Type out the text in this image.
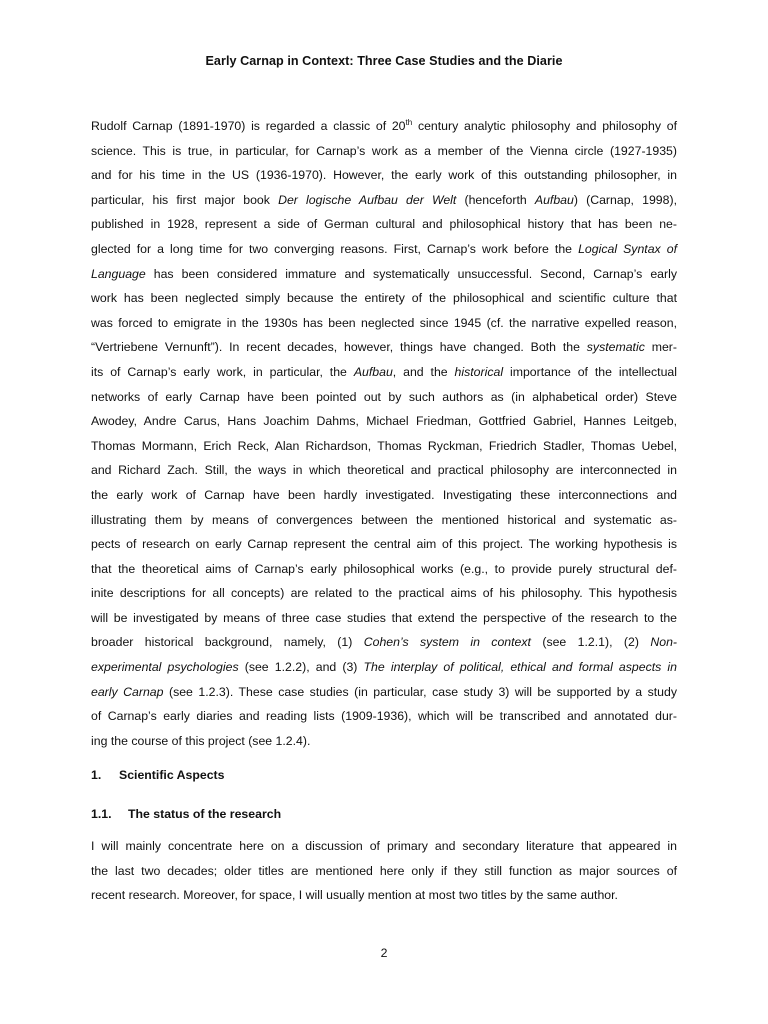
Early Carnap in Context: Three Case Studies and the Diarie
Rudolf Carnap (1891-1970) is regarded a classic of 20th century analytic philosophy and philosophy of
science. This is true, in particular, for Carnap’s work as a member of the Vienna circle (1927-1935)
and for his time in the US (1936-1970). However, the early work of this outstanding philosopher, in
particular, his first major book Der logische Aufbau der Welt (henceforth Aufbau) (Carnap, 1998),
published in 1928, represent a side of German cultural and philosophical history that has been ne-
glected for a long time for two converging reasons. First, Carnap’s work before the Logical Syntax of
Language has been considered immature and systematically unsuccessful. Second, Carnap’s early
work has been neglected simply because the entirety of the philosophical and scientific culture that
was forced to emigrate in the 1930s has been neglected since 1945 (cf. the narrative expelled reason,
“Vertriebene Vernunft”). In recent decades, however, things have changed. Both the systematic mer-
its of Carnap’s early work, in particular, the Aufbau, and the historical importance of the intellectual
networks of early Carnap have been pointed out by such authors as (in alphabetical order) Steve
Awodey, Andre Carus, Hans Joachim Dahms, Michael Friedman, Gottfried Gabriel, Hannes Leitgeb,
Thomas Mormann, Erich Reck, Alan Richardson, Thomas Ryckman, Friedrich Stadler, Thomas Uebel,
and Richard Zach. Still, the ways in which theoretical and practical philosophy are interconnected in
the early work of Carnap have been hardly investigated. Investigating these interconnections and
illustrating them by means of convergences between the mentioned historical and systematic as-
pects of research on early Carnap represent the central aim of this project. The working hypothesis is
that the theoretical aims of Carnap’s early philosophical works (e.g., to provide purely structural def-
inite descriptions for all concepts) are related to the practical aims of his philosophy. This hypothesis
will be investigated by means of three case studies that extend the perspective of the research to the
broader historical background, namely, (1) Cohen’s system in context (see 1.2.1), (2) Non-
experimental psychologies (see 1.2.2), and (3) The interplay of political, ethical and formal aspects in
early Carnap (see 1.2.3). These case studies (in particular, case study 3) will be supported by a study
of Carnap’s early diaries and reading lists (1909-1936), which will be transcribed and annotated dur-
ing the course of this project (see 1.2.4).
1. Scientific Aspects
1.1. The status of the research
I will mainly concentrate here on a discussion of primary and secondary literature that appeared in
the last two decades; older titles are mentioned here only if they still function as major sources of
recent research. Moreover, for space, I will usually mention at most two titles by the same author.
2
